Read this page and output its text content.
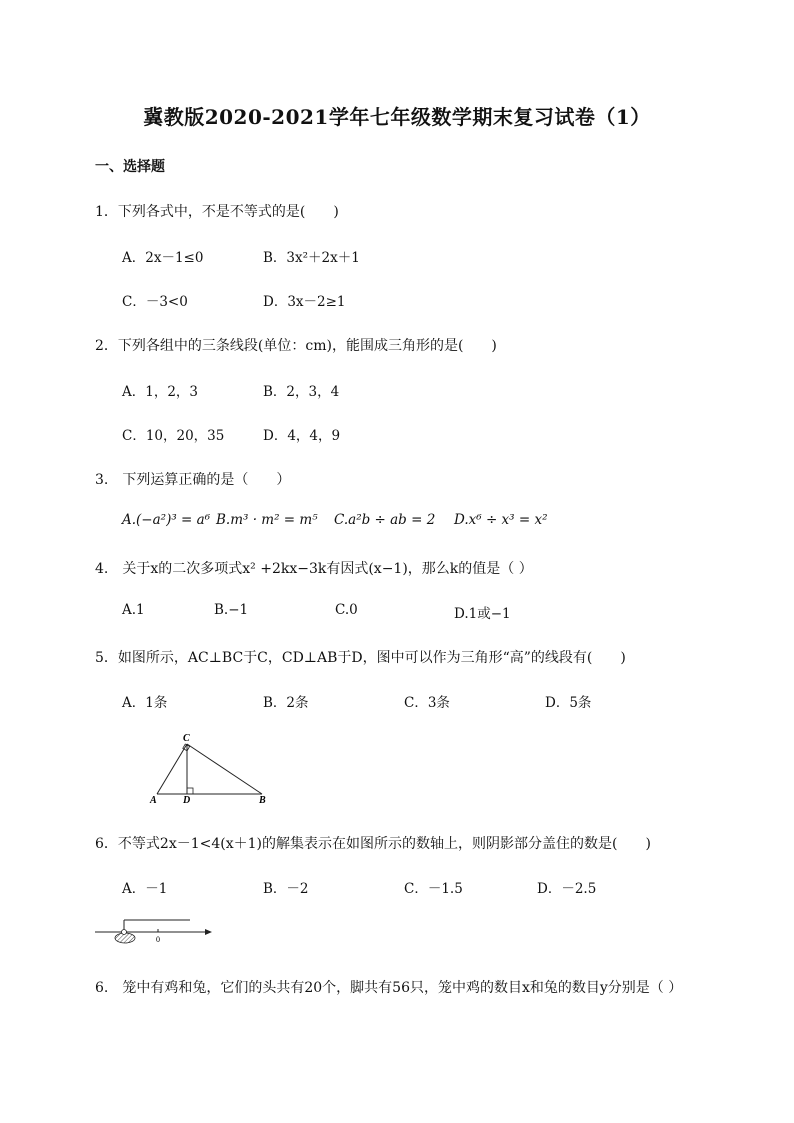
冀教版2020-2021学年七年级数学期末复习试卷（1）
一、选择题
1．下列各式中，不是不等式的是(　　)
A．2x－1≤0	B．3x²＋2x＋1
C．－3<0	D．3x－2≥1
2．下列各组中的三条线段(单位：cm)，能围成三角形的是(　　)
A．1，2，3	B．2，3，4
C．10，20，35	D．4，4，9
3.　下列运算正确的是（　　）
A.(−a²)³ = a⁶ B.m³ · m² = m⁵ C.a²b ÷ ab = 2 D.x⁶ ÷ x³ = x²
4.　关于x的二次多项式x² +2kx−3k有因式(x−1)，那么k的值是（ ）
A.1	B.−1	C.0	D.1或−1
5．如图所示，AC⊥BC于C，CD⊥AB于D，图中可以作为三角形“高”的线段有(　　)
A．1条	B．2条	C．3条	D．5条
C
A	D	B
6．不等式2x－1<4(x＋1)的解集表示在如图所示的数轴上，则阴影部分盖住的数是(　　)
A．－1	B．－2	C．－1.5	D．－2.5
0
6.　笼中有鸡和兔，它们的头共有20个，脚共有56只，笼中鸡的数目x和兔的数目y分别是（ ）
